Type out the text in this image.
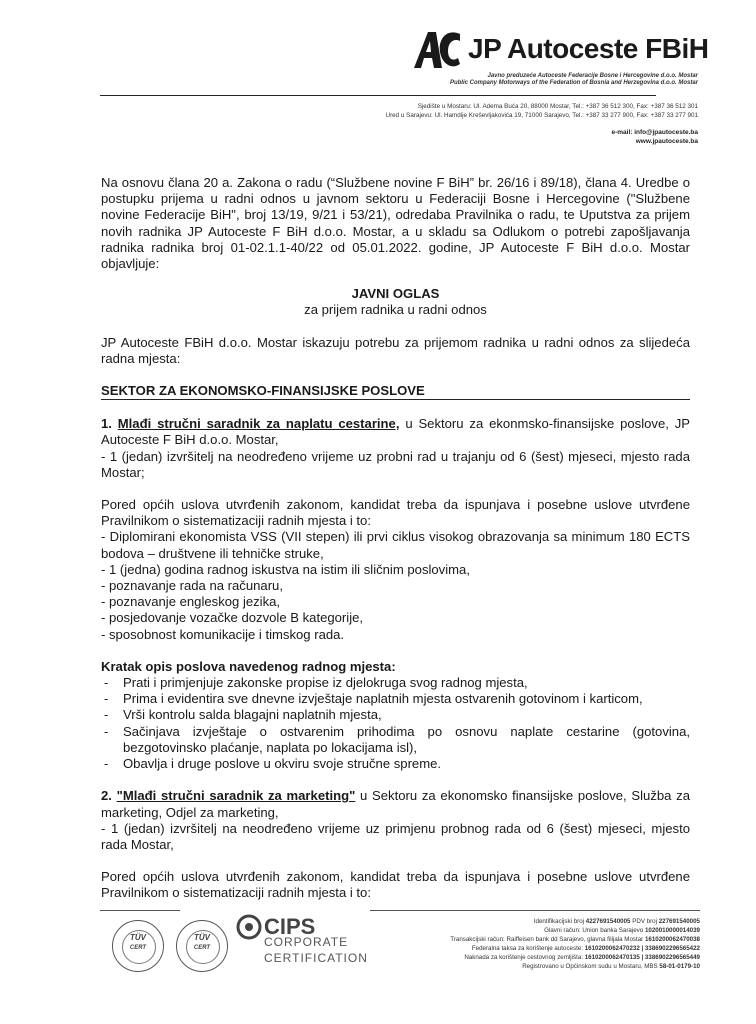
JP Autoceste FBiH
Javno preduzeće Autoceste Federacije Bosne i Hercegovine d.o.o. Mostar
Public Company Motorways of the Federation of Bosnia and Herzegovina d.o.o. Mostar
Sjedište u Mostaru: Ul. Adema Buća 20, 88000 Mostar, Tel.: +387 36 512 300, Fax: +387 36 512 301
Ured u Sarajevu: Ul. Hamdije Kreševljakovića 19, 71000 Sarajevo, Tel.: +387 33 277 900, Fax: +387 33 277 901
e-mail: info@jpautoceste.ba
www.jpautoceste.ba

Na osnovu člana 20 a. Zakona o radu (“Službene novine F BiH” br. 26/16 i 89/18), člana 4. Uredbe o postupku prijema u radni odnos u javnom sektoru u Federaciji Bosne i Hercegovine ("Službene novine Federacije BiH", broj 13/19, 9/21 i 53/21), odredaba Pravilnika o radu, te Uputstva za prijem novih radnika JP Autoceste F BiH d.o.o. Mostar, a u skladu sa Odlukom o potrebi zapošljavanja radnika radnika broj 01-02.1.1-40/22 od 05.01.2022. godine, JP Autoceste F BiH d.o.o. Mostar objavljuje:

JAVNI OGLAS

za prijem radnika u radni odnos

JP Autoceste FBiH d.o.o. Mostar iskazuju potrebu za prijemom radnika u radni odnos za slijedeća radna mjesta:

SEKTOR ZA EKONOMSKO-FINANSIJSKE POSLOVE

1. Mlađi stručni saradnik za naplatu cestarine, u Sektoru za ekonmsko-finansijske poslove, JP Autoceste F BiH d.o.o. Mostar,

- 1 (jedan) izvršitelj na neodređeno vrijeme uz probni rad u trajanju od 6 (šest) mjeseci, mjesto rada Mostar;

Pored općih uslova utvrđenih zakonom, kandidat treba da ispunjava i posebne uslove utvrđene Pravilnikom o sistematizaciji radnih mjesta i to:

- Diplomirani ekonomista VSS (VII stepen) ili prvi ciklus visokog obrazovanja sa minimum 180 ECTS bodova – društvene ili tehničke struke,

- 1 (jedna) godina radnog iskustva na istim ili sličnim poslovima,

- poznavanje rada na računaru,

- poznavanje engleskog jezika,

- posjedovanje vozačke dozvole B kategorije,

- sposobnost komunikacije i timskog rada.

Kratak opis poslova navedenog radnog mjesta:

- Prati i primjenjuje zakonske propise iz djelokruga svog radnog mjesta,
- Prima i evidentira sve dnevne izvještaje naplatnih mjesta ostvarenih gotovinom i karticom,
- Vrši kontrolu salda blagajni naplatnih mjesta,
- Sačinjava izvještaje o ostvarenim prihodima po osnovu naplate cestarine (gotovina, bezgotovinsko plaćanje, naplata po lokacijama isl),
- Obavlja i druge poslove u okviru svoje stručne spreme.

2. "Mlađi stručni saradnik za marketing" u Sektoru za ekonomsko finansijske poslove, Služba za marketing, Odjel za marketing,

- 1 (jedan) izvršitelj na neodređeno vrijeme uz primjenu probnog rada od 6 (šest) mjeseci, mjesto rada Mostar,

Pored općih uslova utvrđenih zakonom, kandidat treba da ispunjava i posebne uslove utvrđene Pravilnikom o sistematizaciji radnih mjesta i to:

TÜV
CERT
TÜV
CERT
CIPS
CORPORATE
CERTIFICATION
Identifikacijski broj 4227691540005 PDV broj 227691540005
Glavni račun: Union banka Sarajevo 1020010000014039
Transakcijski račun: Raiffeisen bank dd Sarajevo, glavna filijala Mostar 1610200062470038
Federalna taksa za korištenje autoceste: 1610200062470232 | 3386902296565422
Naknada za korištenje cestovnog zemljišta: 1610200062470135 | 3386902296565449
Registrovano u Općinskom sudu u Mostaru, MBS 58-01-0179-10
